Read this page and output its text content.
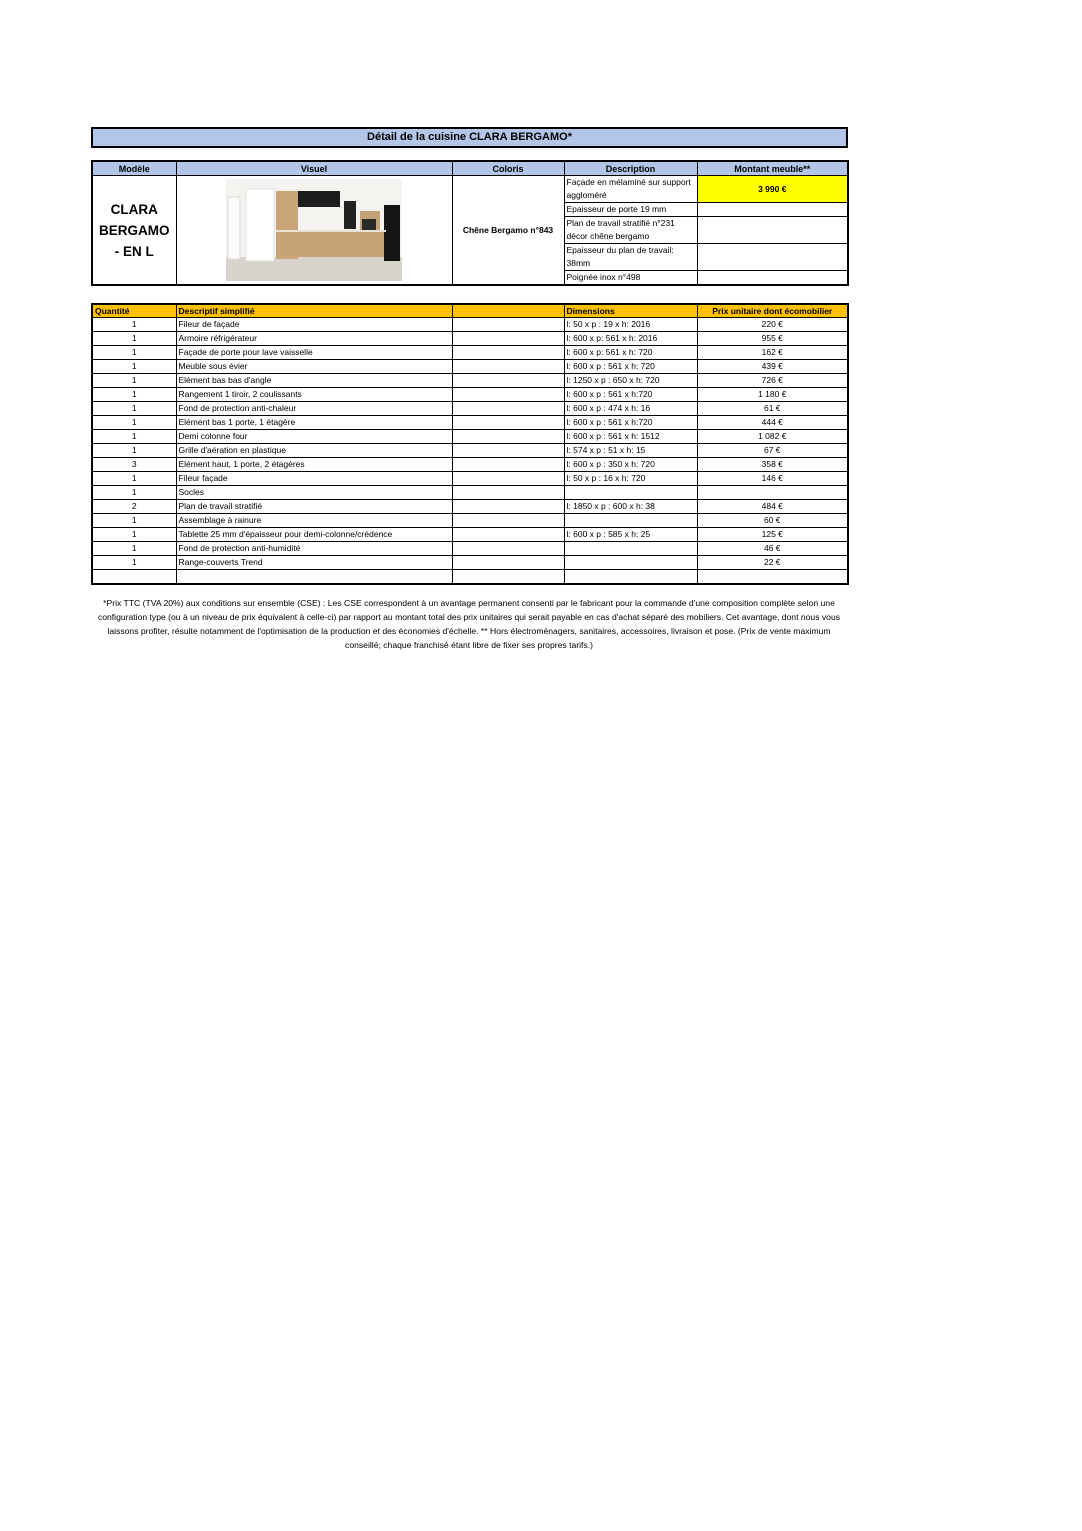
Détail de la cuisine CLARA BERGAMO*
Modèle	Visuel	Coloris	Description	Montant meuble**
CLARA BERGAMO - EN L		Chêne Bergamo n°843	Façade en mélaminé sur support aggloméré	3 990 €
			Epaisseur de porte 19 mm	
			Plan de travail stratifié n°231 décor chêne bergamo	
			Epaisseur du plan de travail: 38mm	
			Poignée inox n°498	
Quantité	Descriptif simplifié		Dimensions	Prix unitaire dont écomobilier
1	Fileur de façade		l: 50 x p : 19 x h: 2016	220 €
1	Armoire réfrigérateur		l: 600 x p: 561 x h: 2016	955 €
1	Façade de porte pour lave vaisselle		l: 600 x p: 561 x h: 720	162 €
1	Meuble sous évier		l: 600 x p : 561 x h: 720	439 €
1	Elément bas bas d'angle		l: 1250 x p : 650 x h: 720	726 €
1	Rangement 1 tiroir, 2 coulissants		l: 600 x p : 561 x h:720	1 180 €
1	Fond de protection anti-chaleur		l: 600 x p : 474 x h: 16	61 €
1	Elément bas 1 porte, 1 étagère		l: 600 x p : 561 x h:720	444 €
1	Demi colonne four		l: 600 x p : 561 x h: 1512	1 082 €
1	Grille d'aération en plastique		l: 574 x p : 51 x h: 15	67 €
3	Elément haut, 1 porte, 2 étagères		l: 600 x p : 350 x h: 720	358 €
1	Fileur façade		l: 50 x p : 16 x h: 720	146 €
1	Socles			
2	Plan de travail stratifié		l: 1850 x p : 600 x h: 38	484 €
1	Assemblage à rainure			60 €
1	Tablette 25 mm d'épaisseur pour demi-colonne/crédence		l: 600 x p : 585 x h: 25	125 €
1	Fond de protection anti-humidité			46 €
1	Range-couverts Trend			22 €

*Prix TTC (TVA 20%) aux conditions sur ensemble (CSE) : Les CSE correspondent à un avantage permanent consenti par le fabricant pour la commande d'une composition complète selon une configuration type (ou à un niveau de prix équivalent à celle-ci) par rapport au montant total des prix unitaires qui serait payable en cas d'achat séparé des mobiliers. Cet avantage, dont nous vous laissons profiter, résulte notamment de l'optimisation de la production et des économies d'échelle. ** Hors électroménagers, sanitaires, accessoires, livraison et pose. (Prix de vente maximum conseillé; chaque franchisé étant libre de fixer ses propres tarifs.)
